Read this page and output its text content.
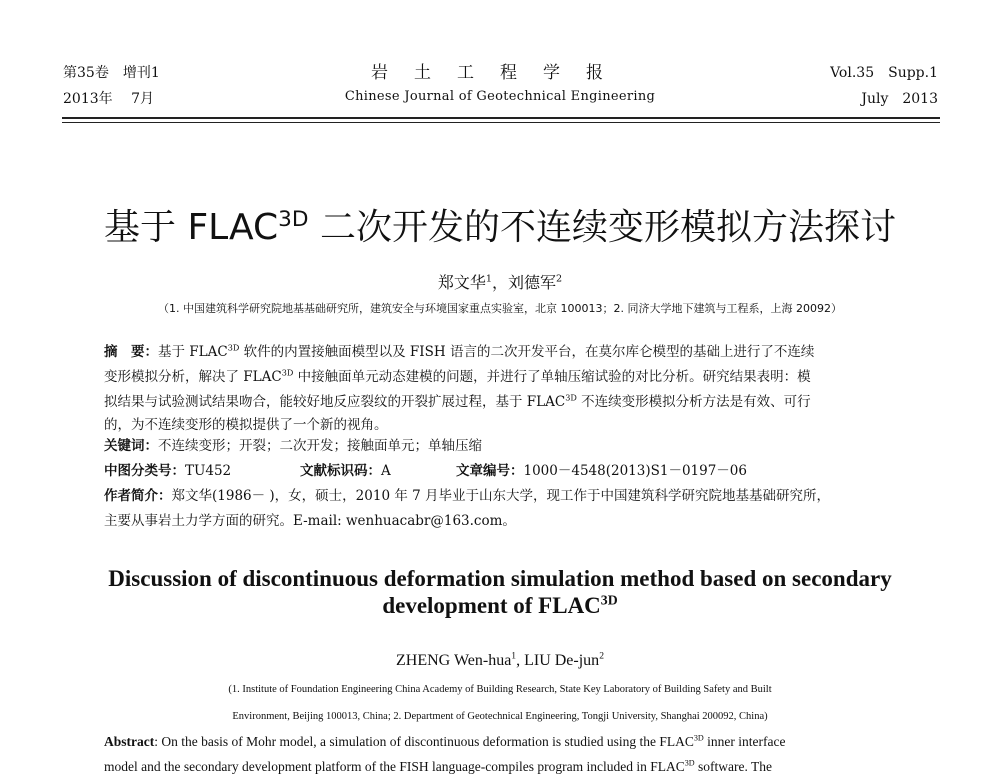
第35卷　增刊1
2013年　 7月
岩土工程学报
Chinese Journal of Geotechnical Engineering
Vol.35　Supp.1
July　2013
基于 $FLAC^{3D}$ 二次开发的不连续变形模拟方法探讨
郑文华$^1$，刘德军$^2$
（1. 中国建筑科学研究院地基基础研究所，建筑安全与环境国家重点实验室，北京 100013；2. 同济大学地下建筑与工程系，上海 20092）
摘　要：基于 $FLAC^{3D}$ 软件的内置接触面模型以及 FISH 语言的二次开发平台，在莫尔库仑模型的基础上进行了不连续
变形模拟分析，解决了 $FLAC^{3D}$ 中接触面单元动态建模的问题，并进行了单轴压缩试验的对比分析。研究结果表明：模
拟结果与试验测试结果吻合，能较好地反应裂纹的开裂扩展过程，基于 $FLAC^{3D}$ 不连续变形模拟分析方法是有效、可行
的，为不连续变形的模拟提供了一个新的视角。
关键词：不连续变形；开裂；二次开发；接触面单元；单轴压缩
中图分类号：TU452	文献标识码：A	文章编号：1000－4548(2013)S1－0197－06
作者简介：郑文华(1986－ )，女，硕士，2010 年 7 月毕业于山东大学，现工作于中国建筑科学研究院地基基础研究所，
主要从事岩土力学方面的研究。E-mail: wenhuacabr@163.com。
Discussion of discontinuous deformation simulation method based on secondary
development of $FLAC^{3D}$
ZHENG Wen-hua$^1$, LIU De-jun$^2$
(1. Institute of Foundation Engineering China Academy of Building Research, State Key Laboratory of Building Safety and Built
Environment, Beijing 100013, China; 2. Department of Geotechnical Engineering, Tongji University, Shanghai 200092, China)
Abstract: On the basis of Mohr model, a simulation of discontinuous deformation is studied using the $FLAC^{3D}$ inner interface
model and the secondary development platform of the FISH language-compiles program included in $FLAC^{3D}$ software. The
